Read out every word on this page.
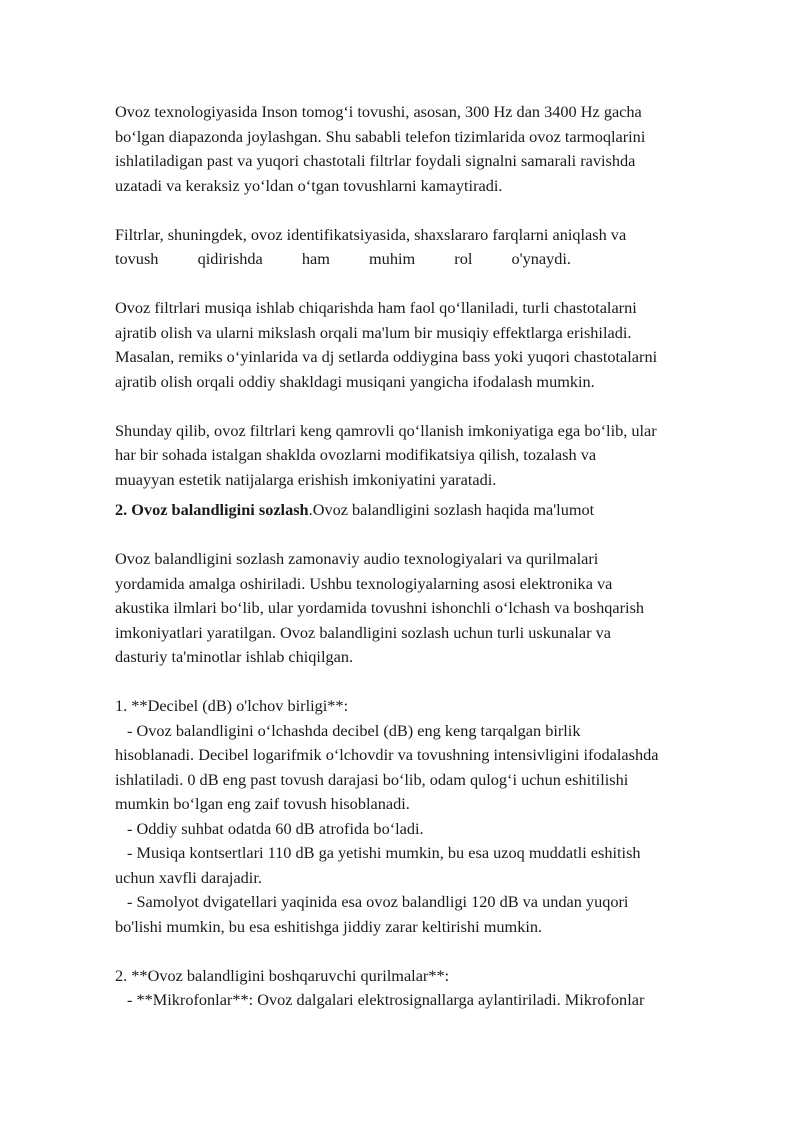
Ovoz texnologiyasida Inson tomog‘i tovushi, asosan, 300 Hz dan 3400 Hz gacha
bo‘lgan diapazonda joylashgan. Shu sababli telefon tizimlarida ovoz tarmoqlarini
ishlatiladigan past va yuqori chastotali filtrlar foydali signalni samarali ravishda
uzatadi va keraksiz yo‘ldan o‘tgan tovushlarni kamaytiradi.
Filtrlar, shuningdek, ovoz identifikatsiyasida, shaxslararo farqlarni aniqlash va
tovush qidirishda ham muhim rol o'ynaydi.
Ovoz filtrlari musiqa ishlab chiqarishda ham faol qo‘llaniladi, turli chastotalarni
ajratib olish va ularni mikslash orqali ma'lum bir musiqiy effektlarga erishiladi.
Masalan, remiks o‘yinlarida va dj setlarda oddiygina bass yoki yuqori chastotalarni
ajratib olish orqali oddiy shakldagi musiqani yangicha ifodalash mumkin.
Shunday qilib, ovoz filtrlari keng qamrovli qo‘llanish imkoniyatiga ega bo‘lib, ular
har bir sohada istalgan shaklda ovozlarni modifikatsiya qilish, tozalash va
muayyan estetik natijalarga erishish imkoniyatini yaratadi.
2. Ovoz balandligini sozlash.Ovoz balandligini sozlash haqida ma'lumot
Ovoz balandligini sozlash zamonaviy audio texnologiyalari va qurilmalari
yordamida amalga oshiriladi. Ushbu texnologiyalarning asosi elektronika va
akustika ilmlari bo‘lib, ular yordamida tovushni ishonchli o‘lchash va boshqarish
imkoniyatlari yaratilgan. Ovoz balandligini sozlash uchun turli uskunalar va
dasturiy ta'minotlar ishlab chiqilgan.
1. **Decibel (dB) o'lchov birligi**:
- Ovoz balandligini o‘lchashda decibel (dB) eng keng tarqalgan birlik
hisoblanadi. Decibel logarifmik o‘lchovdir va tovushning intensivligini ifodalashda
ishlatiladi. 0 dB eng past tovush darajasi bo‘lib, odam qulog‘i uchun eshitilishi
mumkin bo‘lgan eng zaif tovush hisoblanadi.
- Oddiy suhbat odatda 60 dB atrofida bo‘ladi.
- Musiqa kontsertlari 110 dB ga yetishi mumkin, bu esa uzoq muddatli eshitish
uchun xavfli darajadir.
- Samolyot dvigatellari yaqinida esa ovoz balandligi 120 dB va undan yuqori
bo'lishi mumkin, bu esa eshitishga jiddiy zarar keltirishi mumkin.
2. **Ovoz balandligini boshqaruvchi qurilmalar**:
- **Mikrofonlar**: Ovoz dalgalari elektrosignallarga aylantiriladi. Mikrofonlar
